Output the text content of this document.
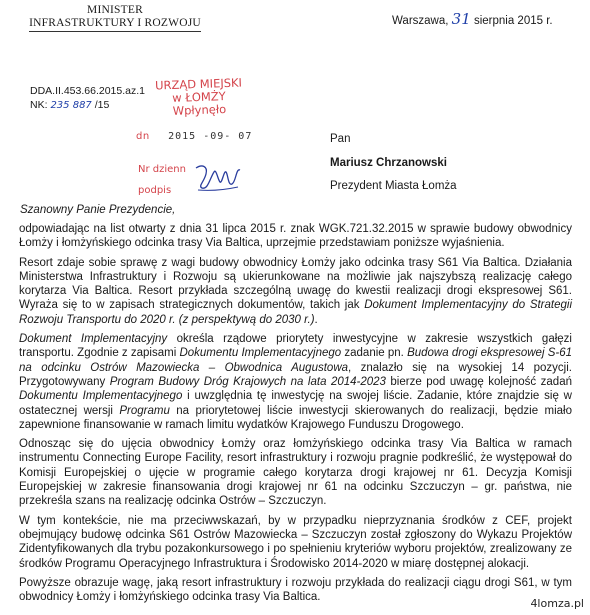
MINISTER
INFRASTRUKTURY I ROZWOJU	Warszawa, 31 sierpnia 2015 r.
DDA.II.453.66.2015.az.1
NK: 235 887 /15
URZĄD MIEJSKI
w ŁOMŻY
Wpłynęło
dn 2015 -09- 07
Nr dzienn
podpis
Pan
Mariusz Chrzanowski
Prezydent Miasta Łomża
Szanowny Panie Prezydencie,

odpowiadając na list otwarty z dnia 31 lipca 2015 r. znak WGK.721.32.2015 w sprawie budowy obwodnicy Łomży i łomżyńskiego odcinka trasy Via Baltica, uprzejmie przedstawiam poniższe wyjaśnienia.

Resort zdaje sobie sprawę z wagi budowy obwodnicy Łomży jako odcinka trasy S61 Via Baltica. Działania Ministerstwa Infrastruktury i Rozwoju są ukierunkowane na możliwie jak najszybszą realizację całego korytarza Via Baltica. Resort przykłada szczególną uwagę do kwestii realizacji drogi ekspresowej S61. Wyraża się to w zapisach strategicznych dokumentów, takich jak Dokument Implementacyjny do Strategii Rozwoju Transportu do 2020 r. (z perspektywą do 2030 r.).

Dokument Implementacyjny określa rządowe priorytety inwestycyjne w zakresie wszystkich gałęzi transportu. Zgodnie z zapisami Dokumentu Implementacyjnego zadanie pn. Budowa drogi ekspresowej S-61 na odcinku Ostrów Mazowiecka – Obwodnica Augustowa, znalazło się na wysokiej 14 pozycji. Przygotowywany Program Budowy Dróg Krajowych na lata 2014-2023 bierze pod uwagę kolejność zadań Dokumentu Implementacyjnego i uwzględnia tę inwestycję na swojej liście. Zadanie, które znajdzie się w ostatecznej wersji Programu na priorytetowej liście inwestycji skierowanych do realizacji, będzie miało zapewnione finansowanie w ramach limitu wydatków Krajowego Funduszu Drogowego.

Odnosząc się do ujęcia obwodnicy Łomży oraz łomżyńskiego odcinka trasy Via Baltica w ramach instrumentu Connecting Europe Facility, resort infrastruktury i rozwoju pragnie podkreślić, że występował do Komisji Europejskiej o ujęcie w programie całego korytarza drogi krajowej nr 61. Decyzja Komisji Europejskiej w zakresie finansowania drogi krajowej nr 61 na odcinku Szczuczyn – gr. państwa, nie przekreśla szans na realizację odcinka Ostrów – Szczuczyn.

W tym kontekście, nie ma przeciwwskazań, by w przypadku nieprzyznania środków z CEF, projekt obejmujący budowę odcinka S61 Ostrów Mazowiecka – Szczuczyn został zgłoszony do Wykazu Projektów Zidentyfikowanych dla trybu pozakonkursowego i po spełnieniu kryteriów wyboru projektów, zrealizowany ze środków Programu Operacyjnego Infrastruktura i Środowisko 2014-2020 w miarę dostępnej alokacji.

Powyższe obrazuje wagę, jaką resort infrastruktury i rozwoju przykłada do realizacji ciągu drogi S61, w tym obwodnicy Łomży i łomżyńskiego odcinka trasy Via Baltica.	4lomza.pl
